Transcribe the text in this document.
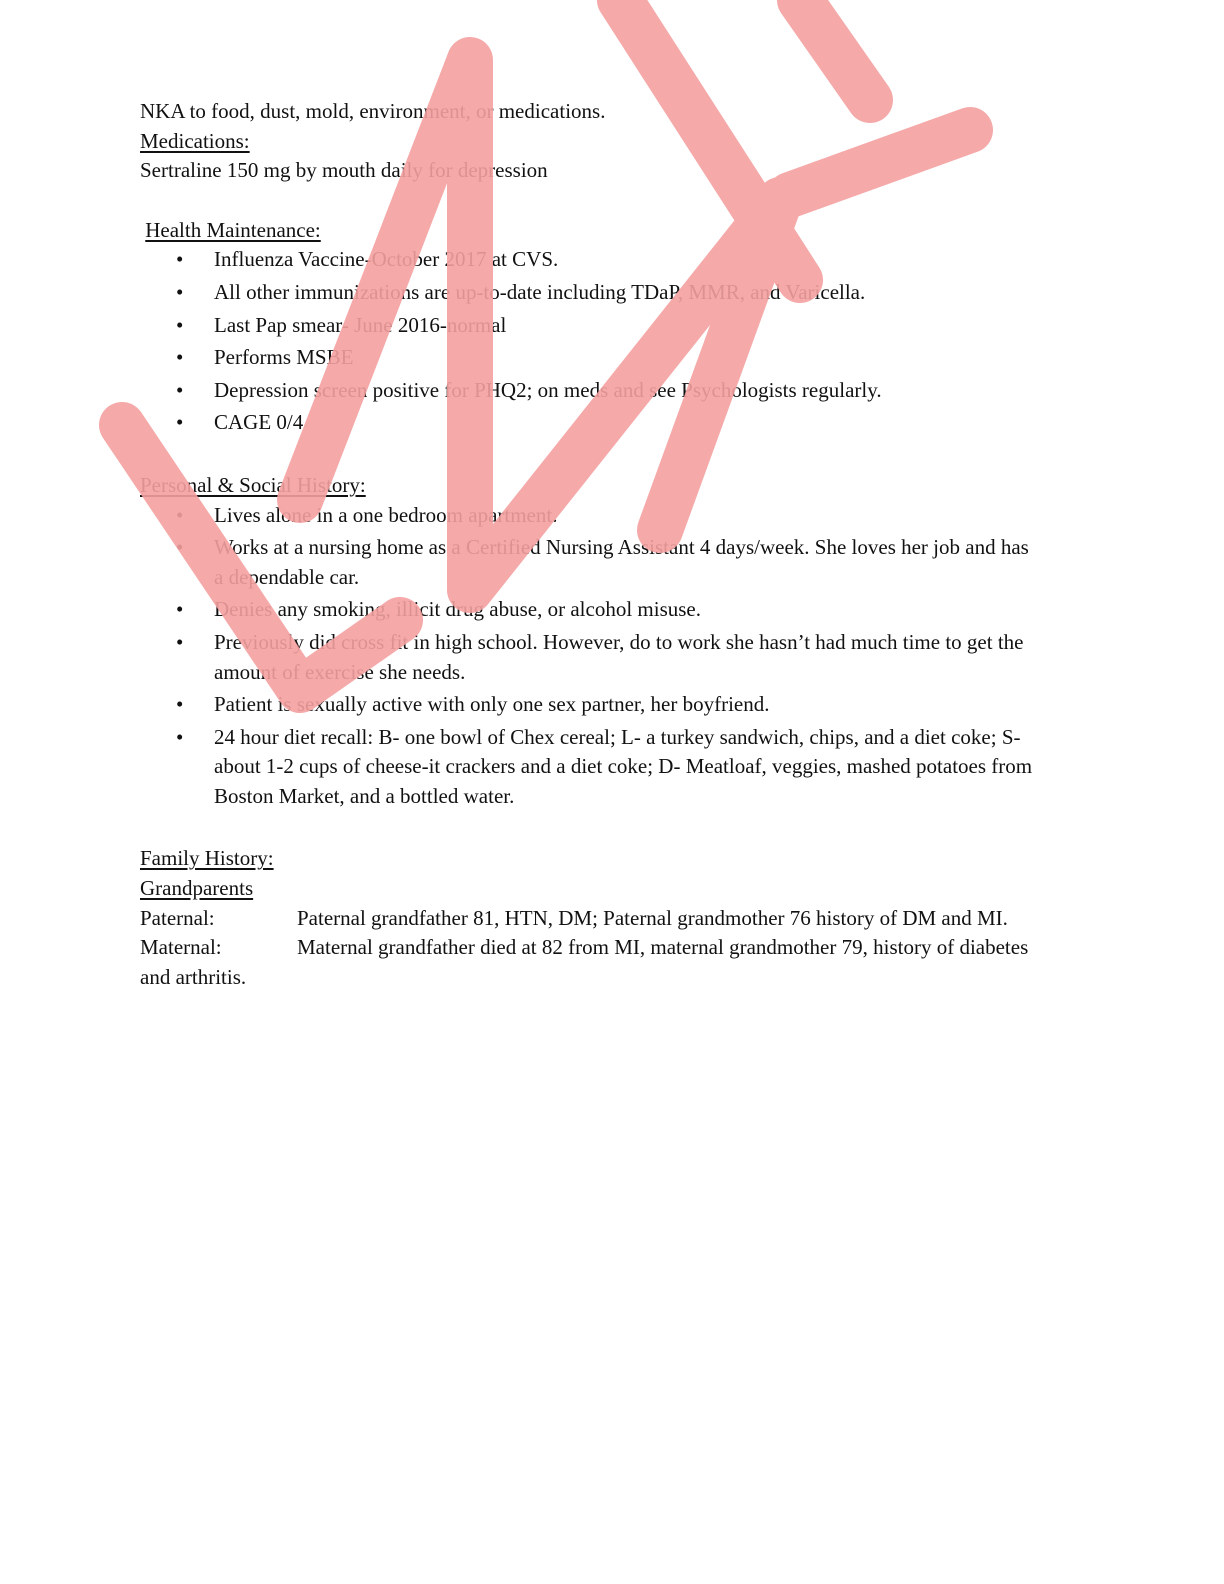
NKA to food, dust, mold, environment, or medications.

Medications:

Sertraline 150 mg by mouth daily for depression

Health Maintenance:

• Influenza Vaccine-October 2017 at CVS.
• All other immunizations are up-to-date including TDaP, MMR, and Varicella.
• Last Pap smear- June 2016-normal
• Performs MSBE
• Depression screen positive for PHQ2; on meds and see Psychologists regularly.
• CAGE 0/4

Personal & Social History:

• Lives alone in a one bedroom apartment.
• Works at a nursing home as a Certified Nursing Assistant 4 days/week. She loves her job and has a dependable car.
• Denies any smoking, illicit drug abuse, or alcohol misuse.
• Previously did cross fit in high school. However, do to work she hasn’t had much time to get the amount of exercise she needs.
• Patient is sexually active with only one sex partner, her boyfriend.
• 24 hour diet recall: B- one bowl of Chex cereal; L- a turkey sandwich, chips, and a diet coke; S-about 1-2 cups of cheese-it crackers and a diet coke; D- Meatloaf, veggies, mashed potatoes from Boston Market, and a bottled water.

Family History:

Grandparents

Paternal:	Paternal grandfather 81, HTN, DM; Paternal grandmother 76 history of DM and MI.

Maternal:	Maternal grandfather died at 82 from MI, maternal grandmother 79, history of diabetes and arthritis.
